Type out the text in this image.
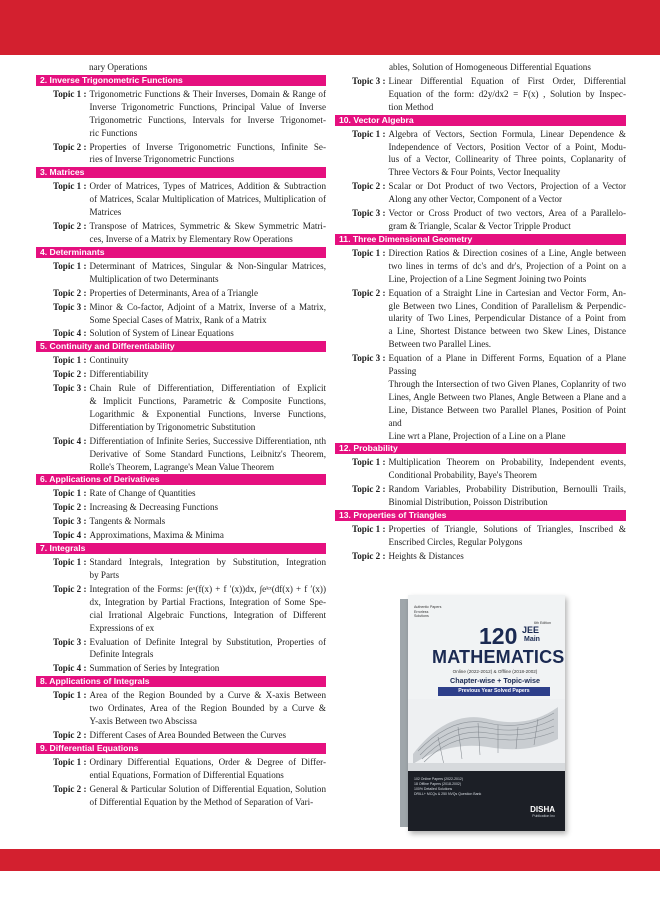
nary Operations
2. Inverse Trigonometric Functions
Topic 1 : Trigonometric Functions & Their Inverses, Domain & Range of
Inverse Trigonometric Functions, Principal Value of Inverse
Trigonometric Functions, Intervals for Inverse Trigonomet-
ric Functions
Topic 2 : Properties of Inverse Trigonometric Functions, Infinite Se-
ries of Inverse Trigonometric Functions
3. Matrices
Topic 1 : Order of Matrices, Types of Matrices, Addition & Subtraction
of Matrices, Scalar Multiplication of Matrices, Multiplication of
Matrices
Topic 2 : Transpose of Matrices, Symmetric & Skew Symmetric Matri-
ces, Inverse of a Matrix by Elementary Row Operations
4. Determinants
Topic 1 : Determinant of Matrices, Singular & Non-Singular Matrices,
Multiplication of two Determinants
Topic 2 : Properties of Determinants, Area of a Triangle
Topic 3 : Minor & Co-factor, Adjoint of a Matrix, Inverse of a Matrix,
Some Special Cases of Matrix, Rank of a Matrix
Topic 4 : Solution of System of Linear Equations
5. Continuity and Differentiability
Topic 1 : Continuity
Topic 2 : Differentiability
Topic 3 : Chain Rule of Differentiation, Differentiation of Explicit
& Implicit Functions, Parametric & Composite Functions,
Logarithmic & Exponential Functions, Inverse Functions,
Differentiation by Trigonometric Substitution
Topic 4 : Differentiation of Infinite Series, Successive Differentiation, nth
Derivative of Some Standard Functions, Leibnitz's Theorem,
Rolle's Theorem, Lagrange's Mean Value Theorem
6. Applications of Derivatives
Topic 1 : Rate of Change of Quantities
Topic 2 : Increasing & Decreasing Functions
Topic 3 : Tangents & Normals
Topic 4 : Approximations, Maxima & Minima
7. Integrals
Topic 1 : Standard Integrals, Integration by Substitution, Integration
by Parts
Topic 2 : Integration of the Forms: ∫eˣ(f(x) + f ′(x))dx, ∫eᵏˣ(df(x) + f ′(x))
dx, Integration by Partial Fractions, Integration of Some Spe-
cial Irrational Algebraic Functions, Integration of Different
Expressions of ex
Topic 3 : Evaluation of Definite Integral by Substitution, Properties of
Definite Integrals
Topic 4 : Summation of Series by Integration
8. Applications of Integrals
Topic 1 : Area of the Region Bounded by a Curve & X-axis Between
two Ordinates, Area of the Region Bounded by a Curve &
Y-axis Between two Abscissa
Topic 2 : Different Cases of Area Bounded Between the Curves
9. Differential Equations
Topic 1 : Ordinary Differential Equations, Order & Degree of Differ-
ential Equations, Formation of Differential Equations
Topic 2 : General & Particular Solution of Differential Equation, Solution
of Differential Equation by the Method of Separation of Vari-
ables, Solution of Homogeneous Differential Equations
Topic 3 : Linear Differential Equation of First Order, Differential
Equation of the form: d2y/dx2 = F(x) , Solution by Inspec-
tion Method
10. Vector Algebra
Topic 1 : Algebra of Vectors, Section Formula, Linear Dependence &
Independence of Vectors, Position Vector of a Point, Modu-
lus of a Vector, Collinearity of Three points, Coplanarity of
Three Vectors & Four Points, Vector Inequality
Topic 2 : Scalar or Dot Product of two Vectors, Projection of a Vector
Along any other Vector, Component of a Vector
Topic 3 : Vector or Cross Product of two vectors, Area of a Parallelo-
gram & Triangle, Scalar & Vector Tripple Product
11. Three Dimensional Geometry
Topic 1 : Direction Ratios & Direction cosines of a Line, Angle between
two lines in terms of dc's and dr's, Projection of a Point on a
Line, Projection of a Line Segment Joining two Points
Topic 2 : Equation of a Straight Line in Cartesian and Vector Form, An-
gle Between two Lines, Condition of Parallelism & Perpendic-
ularity of Two Lines, Perpendicular Distance of a Point from
a Line, Shortest Distance between two Skew Lines, Distance
Between two Parallel Lines.
Topic 3 : Equation of a Plane in Different Forms, Equation of a Plane Passing
Through the Intersection of two Given Planes, Coplanrity of two
Lines, Angle Between two Planes, Angle Between a Plane and a
Line, Distance Between two Parallel Planes, Position of Point and
Line wrt a Plane, Projection of a Line on a Plane
12. Probability
Topic 1 : Multiplication Theorem on Probability, Independent events,
Conditional Probability, Baye's Theorem
Topic 2 : Random Variables, Probability Distribution, Bernoulli Trails,
Binomial Distribution, Poisson Distribution
13. Properties of Triangles
Topic 1 : Properties of Triangle, Solutions of Triangles, Inscribed &
Enscribed Circles, Regular Polygons
Topic 2 : Heights & Distances
Authentic Papers
Errorless Solutions
6th Edition
120 JEE
Main
MATHEMATICS
Online (2022-2012) & Offline (2018-2002)
Chapter-wise + Topic-wise
Previous Year Solved Papers
102 Online Papers (2022-2012)
18 Offline Papers (2018-2002)
100% Detailed Solutions
DRILL+ MCQs & 250 NVQs Question Bank
DISHA
Publication Inc
